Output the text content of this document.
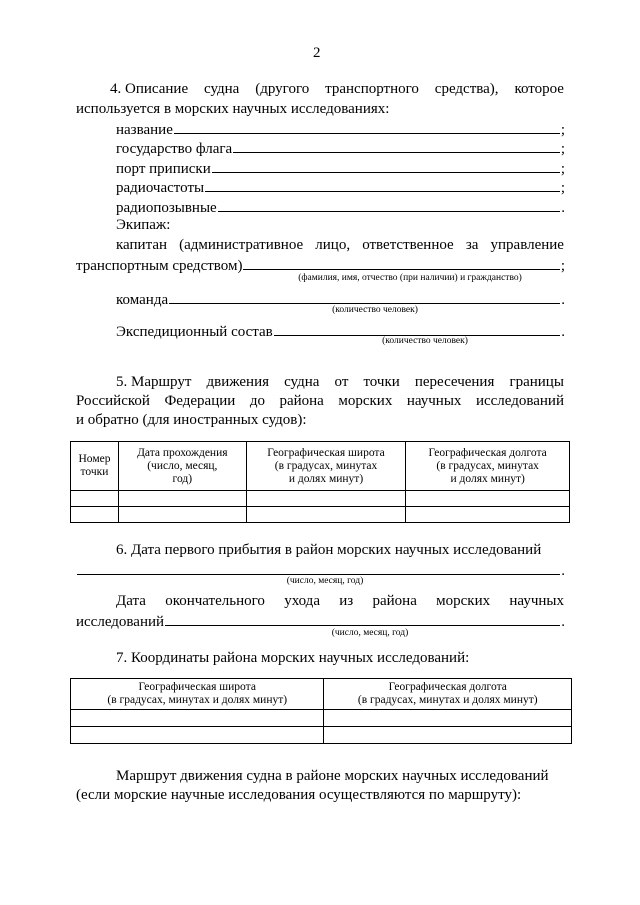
2
4. Описание судна (другого транспортного средства), которое
используется в морских научных исследованиях:
название	;
государство флага	;
порт приписки	;
радиочастоты	;
радиопозывные	.
Экипаж:
капитан (административное лицо, ответственное за управление
транспортным средством)	;
(фамилия, имя, отчество (при наличии) и гражданство)
команда	.
(количество человек)
Экспедиционный состав	.
(количество человек)
5. Маршрут движения судна от точки пересечения границы
Российской Федерации до района морских научных исследований
и обратно (для иностранных судов):
Номер
точки	Дата прохождения
(число, месяц,
год)	Географическая широта
(в градусах, минутах
и долях минут)	Географическая долгота
(в градусах, минутах
и долях минут)

6. Дата первого прибытия в район морских научных исследований
.
(число, месяц, год)
Дата окончательного ухода из района морских научных
исследований	.
(число, месяц, год)
7. Координаты района морских научных исследований:
Географическая широта
(в градусах, минутах и долях минут)	Географическая долгота
(в градусах, минутах и долях минут)

Маршрут движения судна в районе морских научных исследований
(если морские научные исследования осуществляются по маршруту):
